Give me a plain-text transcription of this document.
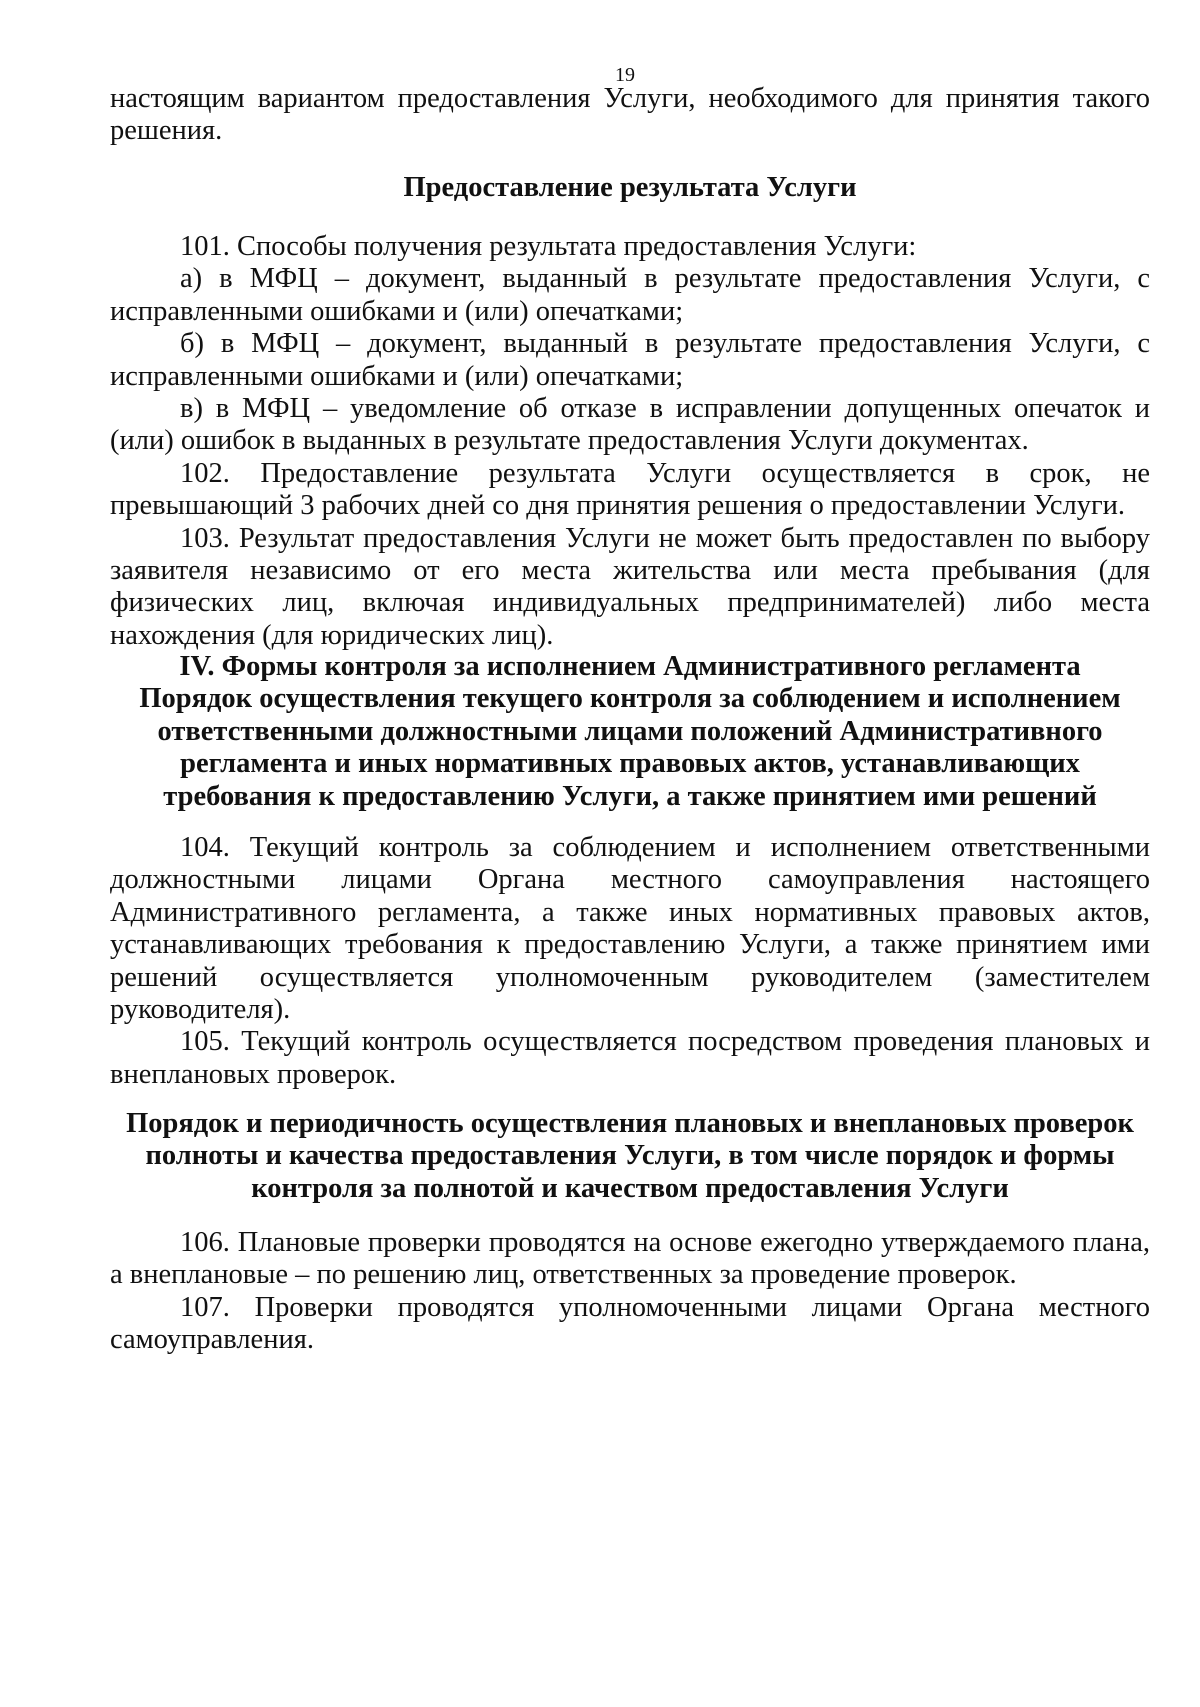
19

настоящим вариантом предоставления Услуги, необходимого для принятия такого решения.

Предоставление результата Услуги

101. Способы получения результата предоставления Услуги:

а) в МФЦ – документ, выданный в результате предоставления Услуги, с исправленными ошибками и (или) опечатками;

б) в МФЦ – документ, выданный в результате предоставления Услуги, с исправленными ошибками и (или) опечатками;

в) в МФЦ – уведомление об отказе в исправлении допущенных опечаток и (или) ошибок в выданных в результате предоставления Услуги документах.

102. Предоставление результата Услуги осуществляется в срок, не превышающий 3 рабочих дней со дня принятия решения о предоставлении Услуги.

103. Результат предоставления Услуги не может быть предоставлен по выбору заявителя независимо от его места жительства или места пребывания (для физических лиц, включая индивидуальных предпринимателей) либо места нахождения (для юридических лиц).

IV. Формы контроля за исполнением Административного регламента
Порядок осуществления текущего контроля за соблюдением и исполнением
ответственными должностными лицами положений Административного
регламента и иных нормативных правовых актов, устанавливающих
требования к предоставлению Услуги, а также принятием ими решений

104. Текущий контроль за соблюдением и исполнением ответственными должностными лицами Органа местного самоуправления настоящего Административного регламента, а также иных нормативных правовых актов, устанавливающих требования к предоставлению Услуги, а также принятием ими решений осуществляется уполномоченным руководителем (заместителем руководителя).

105. Текущий контроль осуществляется посредством проведения плановых и внеплановых проверок.

Порядок и периодичность осуществления плановых и внеплановых проверок
полноты и качества предоставления Услуги, в том числе порядок и формы
контроля за полнотой и качеством предоставления Услуги

106. Плановые проверки проводятся на основе ежегодно утверждаемого плана, а внеплановые – по решению лиц, ответственных за проведение проверок.

107. Проверки проводятся уполномоченными лицами Органа местного самоуправления.
